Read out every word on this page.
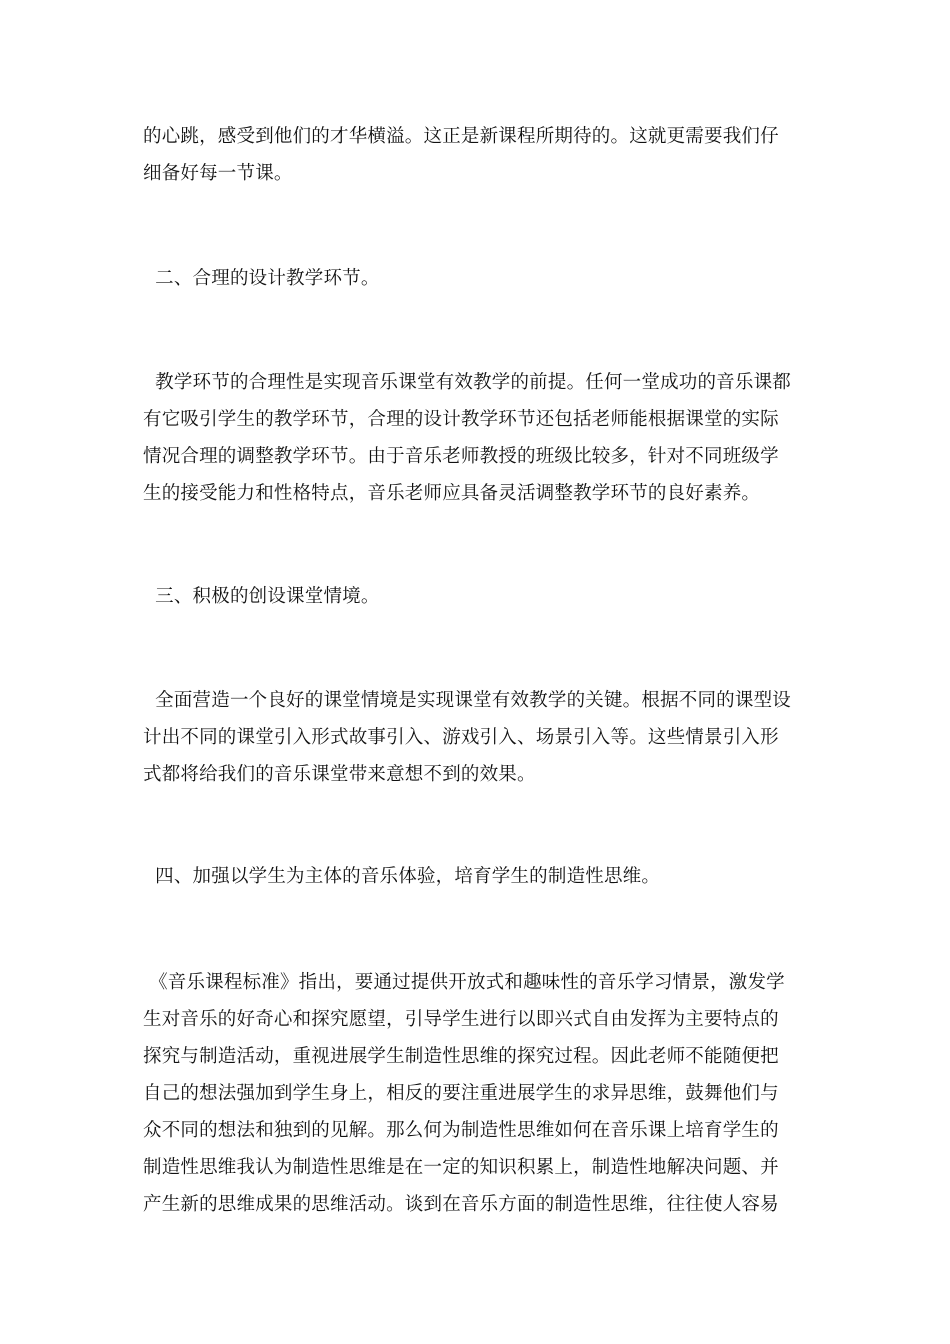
的心跳，感受到他们的才华横溢。这正是新课程所期待的。这就更需要我们仔
细备好每一节课。
二、合理的设计教学环节。
教学环节的合理性是实现音乐课堂有效教学的前提。任何一堂成功的音乐课都
有它吸引学生的教学环节，合理的设计教学环节还包括老师能根据课堂的实际
情况合理的调整教学环节。由于音乐老师教授的班级比较多，针对不同班级学
生的接受能力和性格特点，音乐老师应具备灵活调整教学环节的良好素养。
三、积极的创设课堂情境。
全面营造一个良好的课堂情境是实现课堂有效教学的关键。根据不同的课型设
计出不同的课堂引入形式故事引入、游戏引入、场景引入等。这些情景引入形
式都将给我们的音乐课堂带来意想不到的效果。
四、加强以学生为主体的音乐体验，培育学生的制造性思维。
《音乐课程标准》指出，要通过提供开放式和趣味性的音乐学习情景，激发学
生对音乐的好奇心和探究愿望，引导学生进行以即兴式自由发挥为主要特点的
探究与制造活动，重视进展学生制造性思维的探究过程。因此老师不能随便把
自己的想法强加到学生身上，相反的要注重进展学生的求异思维，鼓舞他们与
众不同的想法和独到的见解。那么何为制造性思维如何在音乐课上培育学生的
制造性思维我认为制造性思维是在一定的知识积累上，制造性地解决问题、并
产生新的思维成果的思维活动。谈到在音乐方面的制造性思维，往往使人容易
